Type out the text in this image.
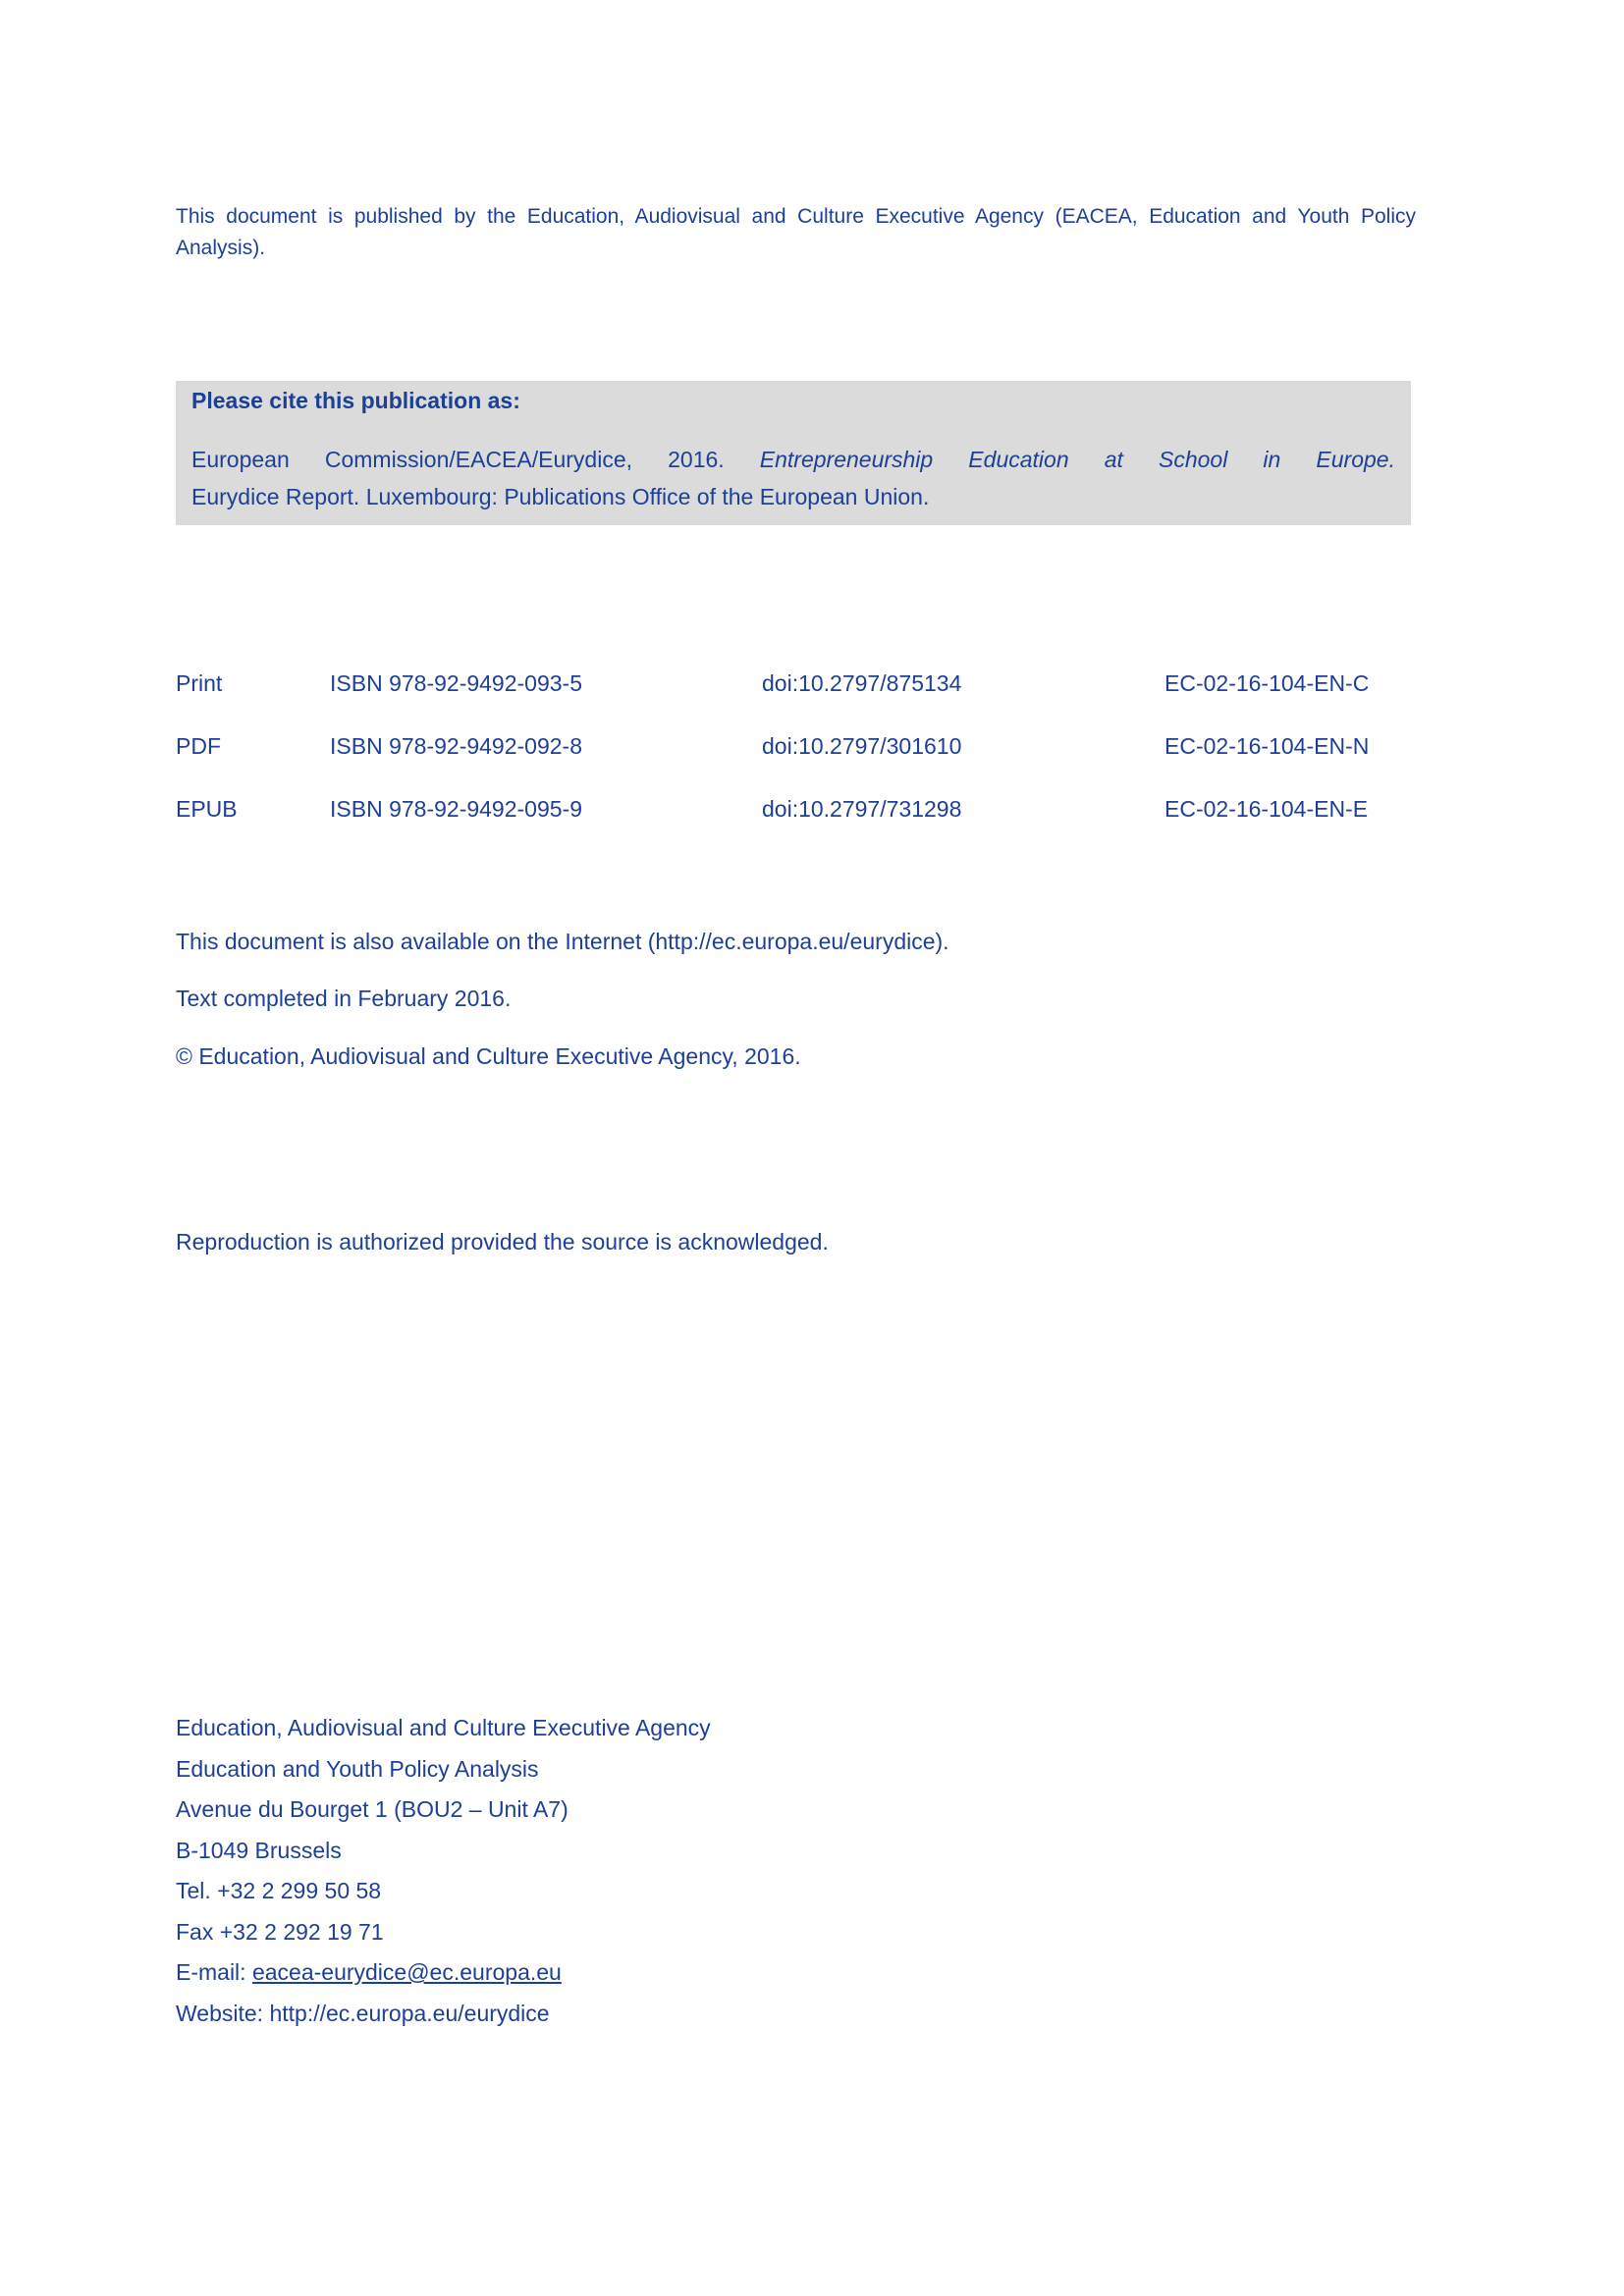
This document is published by the Education, Audiovisual and Culture Executive Agency (EACEA, Education and Youth Policy
Analysis).
Please cite this publication as:
European Commission/EACEA/Eurydice, 2016. Entrepreneurship Education at School in Europe.
Eurydice Report. Luxembourg: Publications Office of the European Union.
Print	ISBN 978-92-9492-093-5	doi:10.2797/875134	EC-02-16-104-EN-C
PDF	ISBN 978-92-9492-092-8	doi:10.2797/301610	EC-02-16-104-EN-N
EPUB	ISBN 978-92-9492-095-9	doi:10.2797/731298	EC-02-16-104-EN-E
This document is also available on the Internet (http://ec.europa.eu/eurydice).
Text completed in February 2016.
© Education, Audiovisual and Culture Executive Agency, 2016.
Reproduction is authorized provided the source is acknowledged.
Education, Audiovisual and Culture Executive Agency
Education and Youth Policy Analysis
Avenue du Bourget 1 (BOU2 – Unit A7)
B-1049 Brussels
Tel. +32 2 299 50 58
Fax +32 2 292 19 71
E-mail: eacea-eurydice@ec.europa.eu
Website: http://ec.europa.eu/eurydice
